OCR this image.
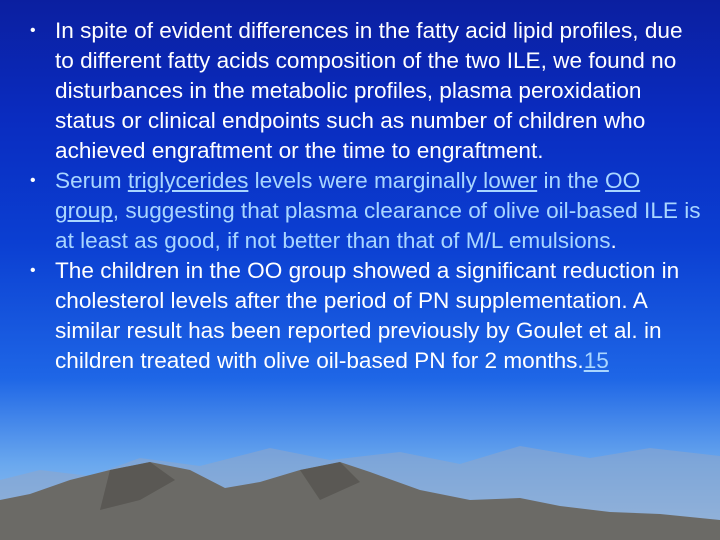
• In spite of evident differences in the fatty acid lipid profiles, due to different fatty acids composition of the two ILE, we found no disturbances in the metabolic profiles, plasma peroxidation status or clinical endpoints such as number of children who achieved engraftment or the time to engraftment.

• Serum triglycerides levels were marginally lower in the OO group, suggesting that plasma clearance of olive oil-based ILE is at least as good, if not better than that of M/L emulsions.

• The children in the OO group showed a significant reduction in cholesterol levels after the period of PN supplementation. A similar result has been reported previously by Goulet et al. in children treated with olive oil-based PN for 2 months.15
